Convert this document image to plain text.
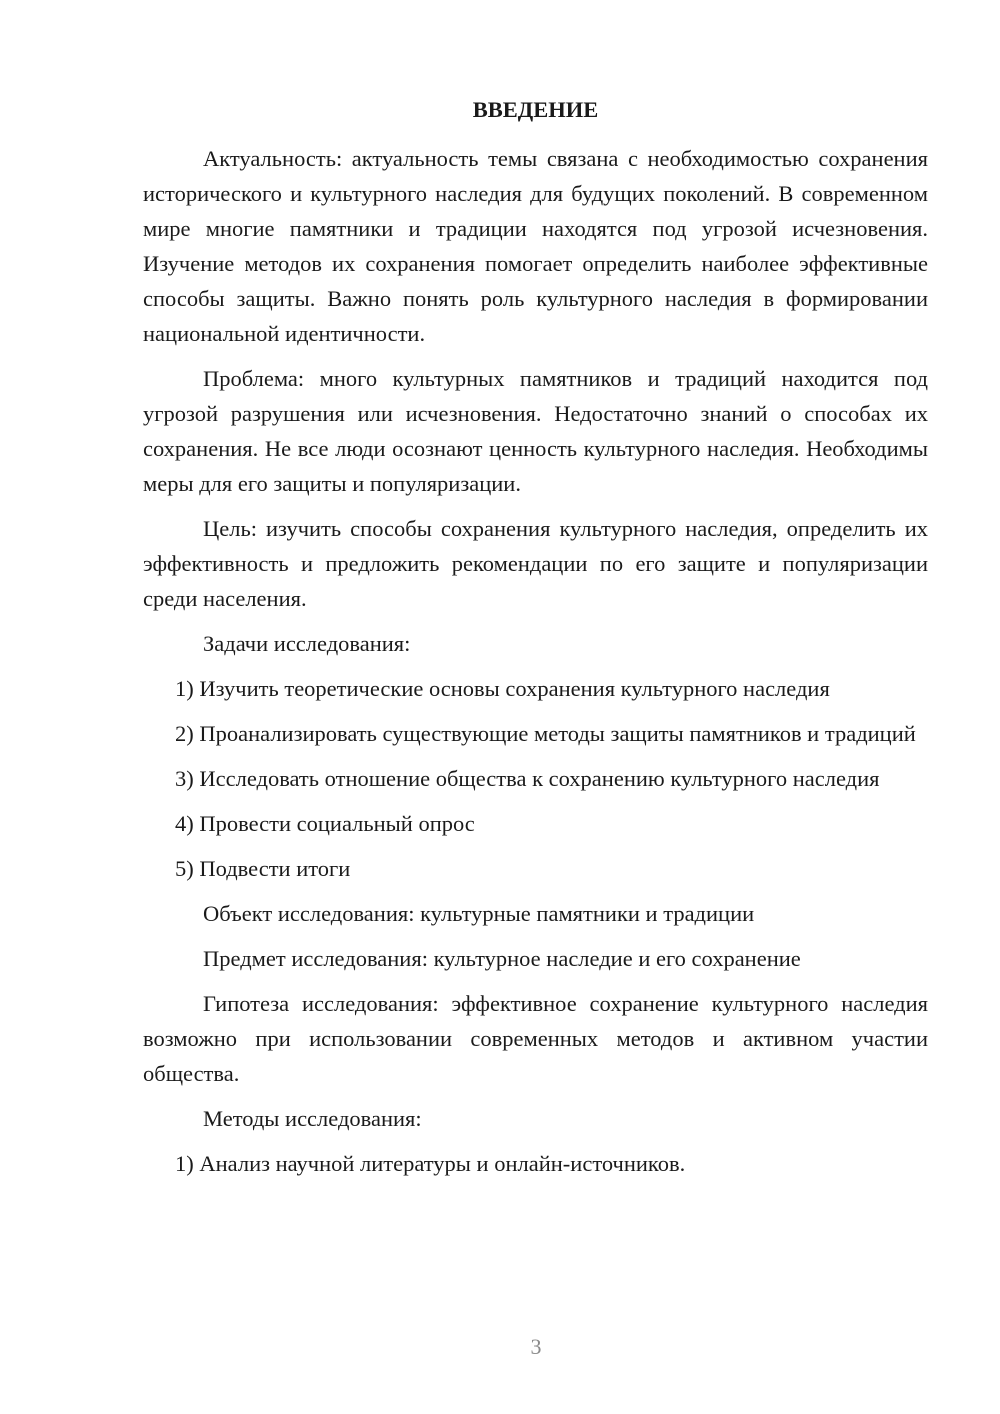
ВВЕДЕНИЕ

Актуальность: актуальность темы связана с необходимостью сохранения исторического и культурного наследия для будущих поколений. В современном мире многие памятники и традиции находятся под угрозой исчезновения. Изучение методов их сохранения помогает определить наиболее эффективные способы защиты. Важно понять роль культурного наследия в формировании национальной идентичности.

Проблема: много культурных памятников и традиций находится под угрозой разрушения или исчезновения. Недостаточно знаний о способах их сохранения. Не все люди осознают ценность культурного наследия. Необходимы меры для его защиты и популяризации.

Цель: изучить способы сохранения культурного наследия, определить их эффективность и предложить рекомендации по его защите и популяризации среди населения.

Задачи исследования:

1) Изучить теоретические основы сохранения культурного наследия

2) Проанализировать существующие методы защиты памятников и традиций

3) Исследовать отношение общества к сохранению культурного наследия

4) Провести социальный опрос

5) Подвести итоги

Объект исследования: культурные памятники и традиции

Предмет исследования: культурное наследие и его сохранение

Гипотеза исследования: эффективное сохранение культурного наследия возможно при использовании современных методов и активном участии общества.

Методы исследования:

1) Анализ научной литературы и онлайн-источников.

3
